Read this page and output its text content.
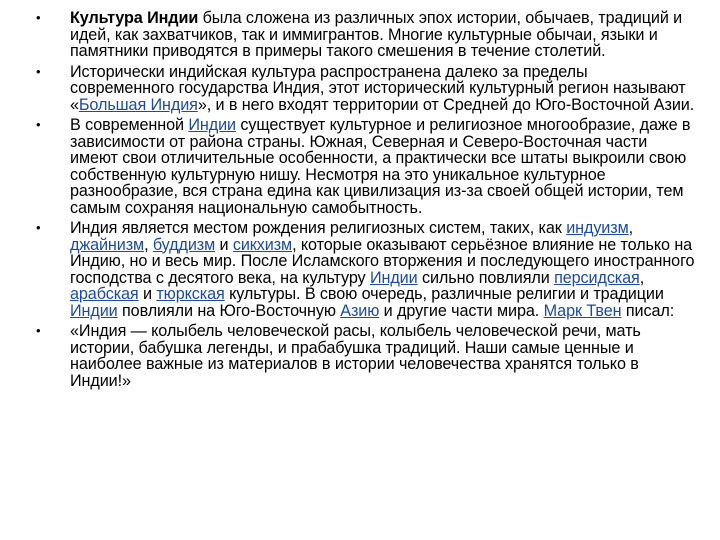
• Культура Индии была сложена из различных эпох истории, обычаев, традиций и идей, как захватчиков, так и иммигрантов. Многие культурные обычаи, языки и памятники приводятся в примеры такого смешения в течение столетий.
• Исторически индийская культура распространена далеко за пределы современного государства Индия, этот исторический культурный регион называют «Большая Индия», и в него входят территории от Средней до Юго-Восточной Азии.
• В современной Индии существует культурное и религиозное многообразие, даже в зависимости от района страны. Южная, Северная и Северо-Восточная части имеют свои отличительные особенности, а практически все штаты выкроили свою собственную культурную нишу. Несмотря на это уникальное культурное разнообразие, вся страна едина как цивилизация из-за своей общей истории, тем самым сохраняя национальную самобытность.
• Индия является местом рождения религиозных систем, таких, как индуизм, джайнизм, буддизм и сикхизм, которые оказывают серьёзное влияние не только на Индию, но и весь мир. После Исламского вторжения и последующего иностранного господства с десятого века, на культуру Индии сильно повлияли персидская, арабская и тюркская культуры. В свою очередь, различные религии и традиции Индии повлияли на Юго-Восточную Азию и другие части мира. Марк Твен писал:
• «Индия — колыбель человеческой расы, колыбель человеческой речи, мать истории, бабушка легенды, и прабабушка традиций. Наши самые ценные и наиболее важные из материалов в истории человечества хранятся только в Индии!»
